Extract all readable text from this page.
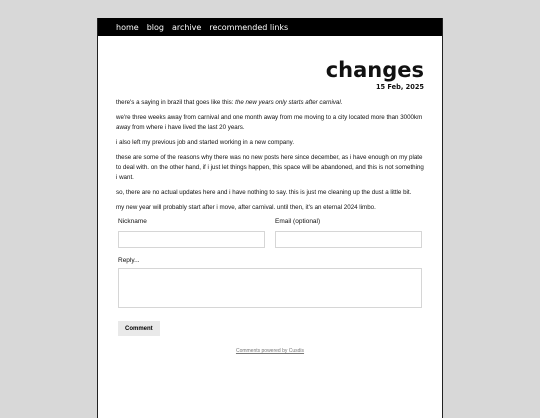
home blog archive recommended links
changes
15 Feb, 2025

there's a saying in brazil that goes like this: the new years only starts after carnival.

we're three weeks away from carnival and one month away from me moving to a city located more than 3000km away from where i have lived the last 20 years.

i also left my previous job and started working in a new company.

these are some of the reasons why there was no new posts here since december, as i have enough on my plate to deal with. on the other hand, if i just let things happen, this space will be abandoned, and this is not something i want.

so, there are no actual updates here and i have nothing to say. this is just me cleaning up the dust a little bit.

my new year will probably start after i move, after carnival. until then, it's an eternal 2024 limbo.

Nickname	Email (optional)
Reply...
Comment
Comments powered by Cusdis
